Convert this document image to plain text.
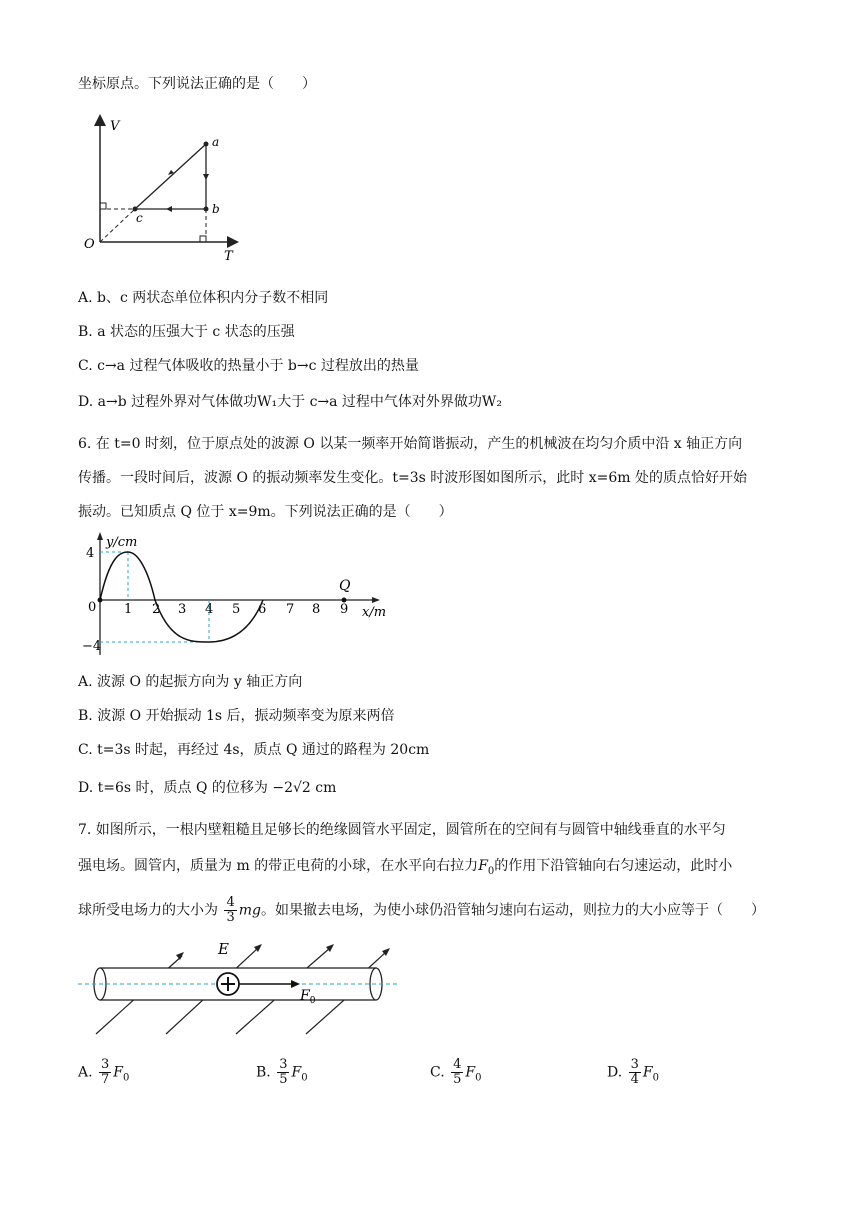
坐标原点。下列说法正确的是（　　）
V
T
O
a
b
c
A. b、c 两状态单位体积内分子数不相同
B. a 状态的压强大于 c 状态的压强
C. c→a 过程气体吸收的热量小于 b→c 过程放出的热量
D. a→b 过程外界对气体做功W₁大于 c→a 过程中气体对外界做功W₂
6. 在 t=0 时刻，位于原点处的波源 O 以某一频率开始简谐振动，产生的机械波在均匀介质中沿 x 轴正方向
传播。一段时间后，波源 O 的振动频率发生变化。t=3s 时波形图如图所示，此时 x=6m 处的质点恰好开始
振动。已知质点 Q 位于 x=9m。下列说法正确的是（　　）
y/cm
x/m
4
0
−4
1 2 3 4 5 6 7 8 9
Q
A. 波源 O 的起振方向为 y 轴正方向
B. 波源 O 开始振动 1s 后，振动频率变为原来两倍
C. t=3s 时起，再经过 4s，质点 Q 通过的路程为 20cm
D. t=6s 时，质点 Q 的位移为 −2√2 cm
7. 如图所示，一根内壁粗糙且足够长的绝缘圆管水平固定，圆管所在的空间有与圆管中轴线垂直的水平匀
强电场。圆管内，质量为 m 的带正电荷的小球，在水平向右拉力$F_0$的作用下沿管轴向右匀速运动，此时小
球所受电场力的大小为 $\frac{4}{3}$ mg。如果撤去电场，为使小球仍沿管轴匀速向右运动，则拉力的大小应等于（　　）
E
$F_0$
A. $\frac{3}{7} F_0$	B. $\frac{3}{5} F_0$	C. $\frac{4}{5} F_0$	D. $\frac{3}{4} F_0$
